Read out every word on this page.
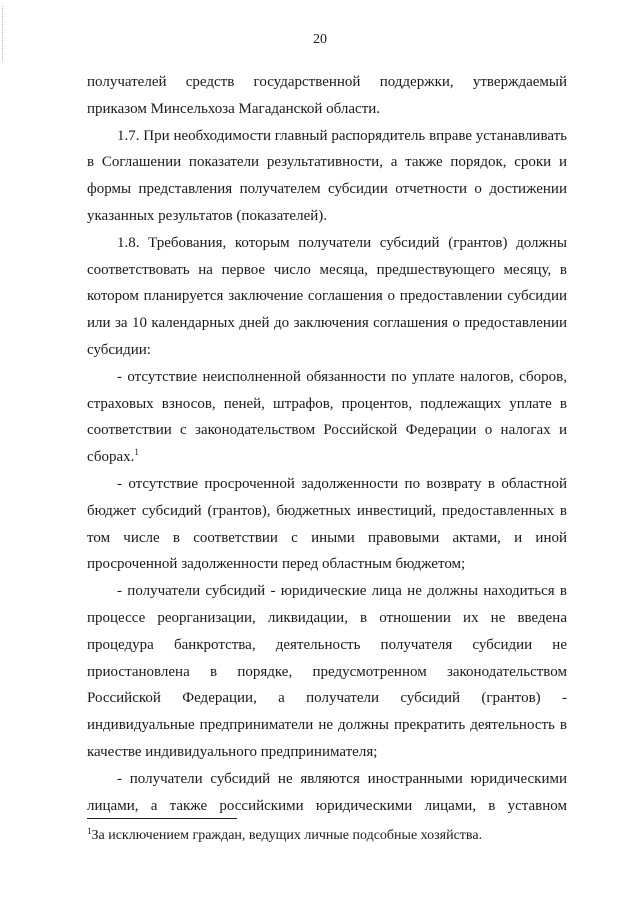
20

получателей средств государственной поддержки, утверждаемый приказом Минсельхоза Магаданской области.

1.7. При необходимости главный распорядитель вправе устанавливать в Соглашении показатели результативности, а также порядок, сроки и формы представления получателем субсидии отчетности о достижении указанных результатов (показателей).

1.8. Требования, которым получатели субсидий (грантов) должны соответствовать на первое число месяца, предшествующего месяцу, в котором планируется заключение соглашения о предоставлении субсидии или за 10 календарных дней до заключения соглашения о предоставлении субсидии:

- отсутствие неисполненной обязанности по уплате налогов, сборов, страховых взносов, пеней, штрафов, процентов, подлежащих уплате в соответствии с законодательством Российской Федерации о налогах и сборах.$^1$

- отсутствие просроченной задолженности по возврату в областной бюджет субсидий (грантов), бюджетных инвестиций, предоставленных в том числе в соответствии с иными правовыми актами, и иной просроченной задолженности перед областным бюджетом;

- получатели субсидий - юридические лица не должны находиться в процессе реорганизации, ликвидации, в отношении их не введена процедура банкротства, деятельность получателя субсидии не приостановлена в порядке, предусмотренном законодательством Российской Федерации, а получатели субсидий (грантов) - индивидуальные предприниматели не должны прекратить деятельность в качестве индивидуального предпринимателя;

- получатели субсидий не являются иностранными юридическими лицами, а также российскими юридическими лицами, в уставном

$^1$За исключением граждан, ведущих личные подсобные хозяйства.
